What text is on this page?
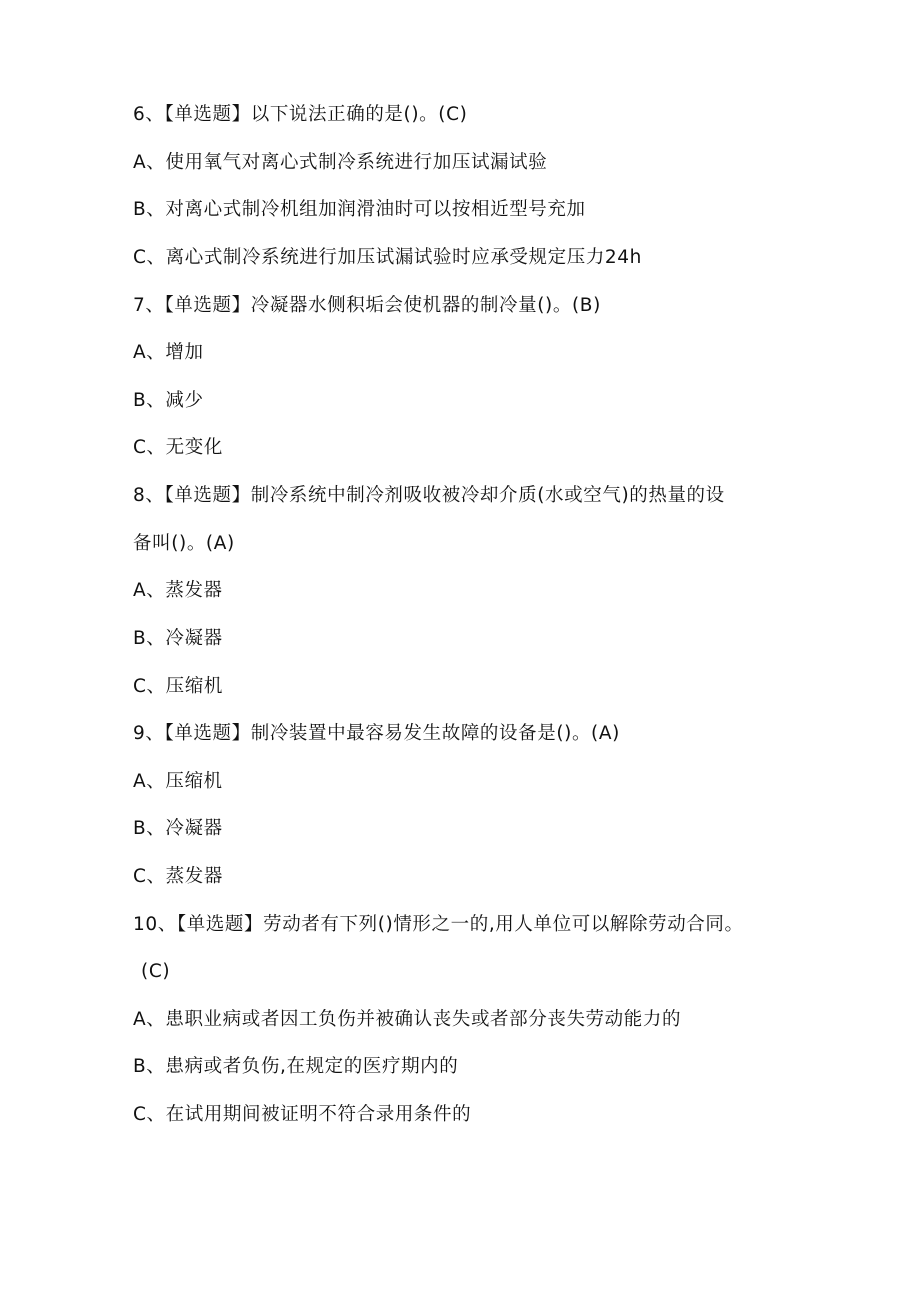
6、【单选题】以下说法正确的是()。(C)
A、使用氧气对离心式制冷系统进行加压试漏试验
B、对离心式制冷机组加润滑油时可以按相近型号充加
C、离心式制冷系统进行加压试漏试验时应承受规定压力24h
7、【单选题】冷凝器水侧积垢会使机器的制冷量()。(B)
A、增加
B、减少
C、无变化
8、【单选题】制冷系统中制冷剂吸收被冷却介质(水或空气)的热量的设
备叫()。(A)
A、蒸发器
B、冷凝器
C、压缩机
9、【单选题】制冷装置中最容易发生故障的设备是()。(A)
A、压缩机
B、冷凝器
C、蒸发器
10、【单选题】劳动者有下列()情形之一的,用人单位可以解除劳动合同。
(C)
A、患职业病或者因工负伤并被确认丧失或者部分丧失劳动能力的
B、患病或者负伤,在规定的医疗期内的
C、在试用期间被证明不符合录用条件的
